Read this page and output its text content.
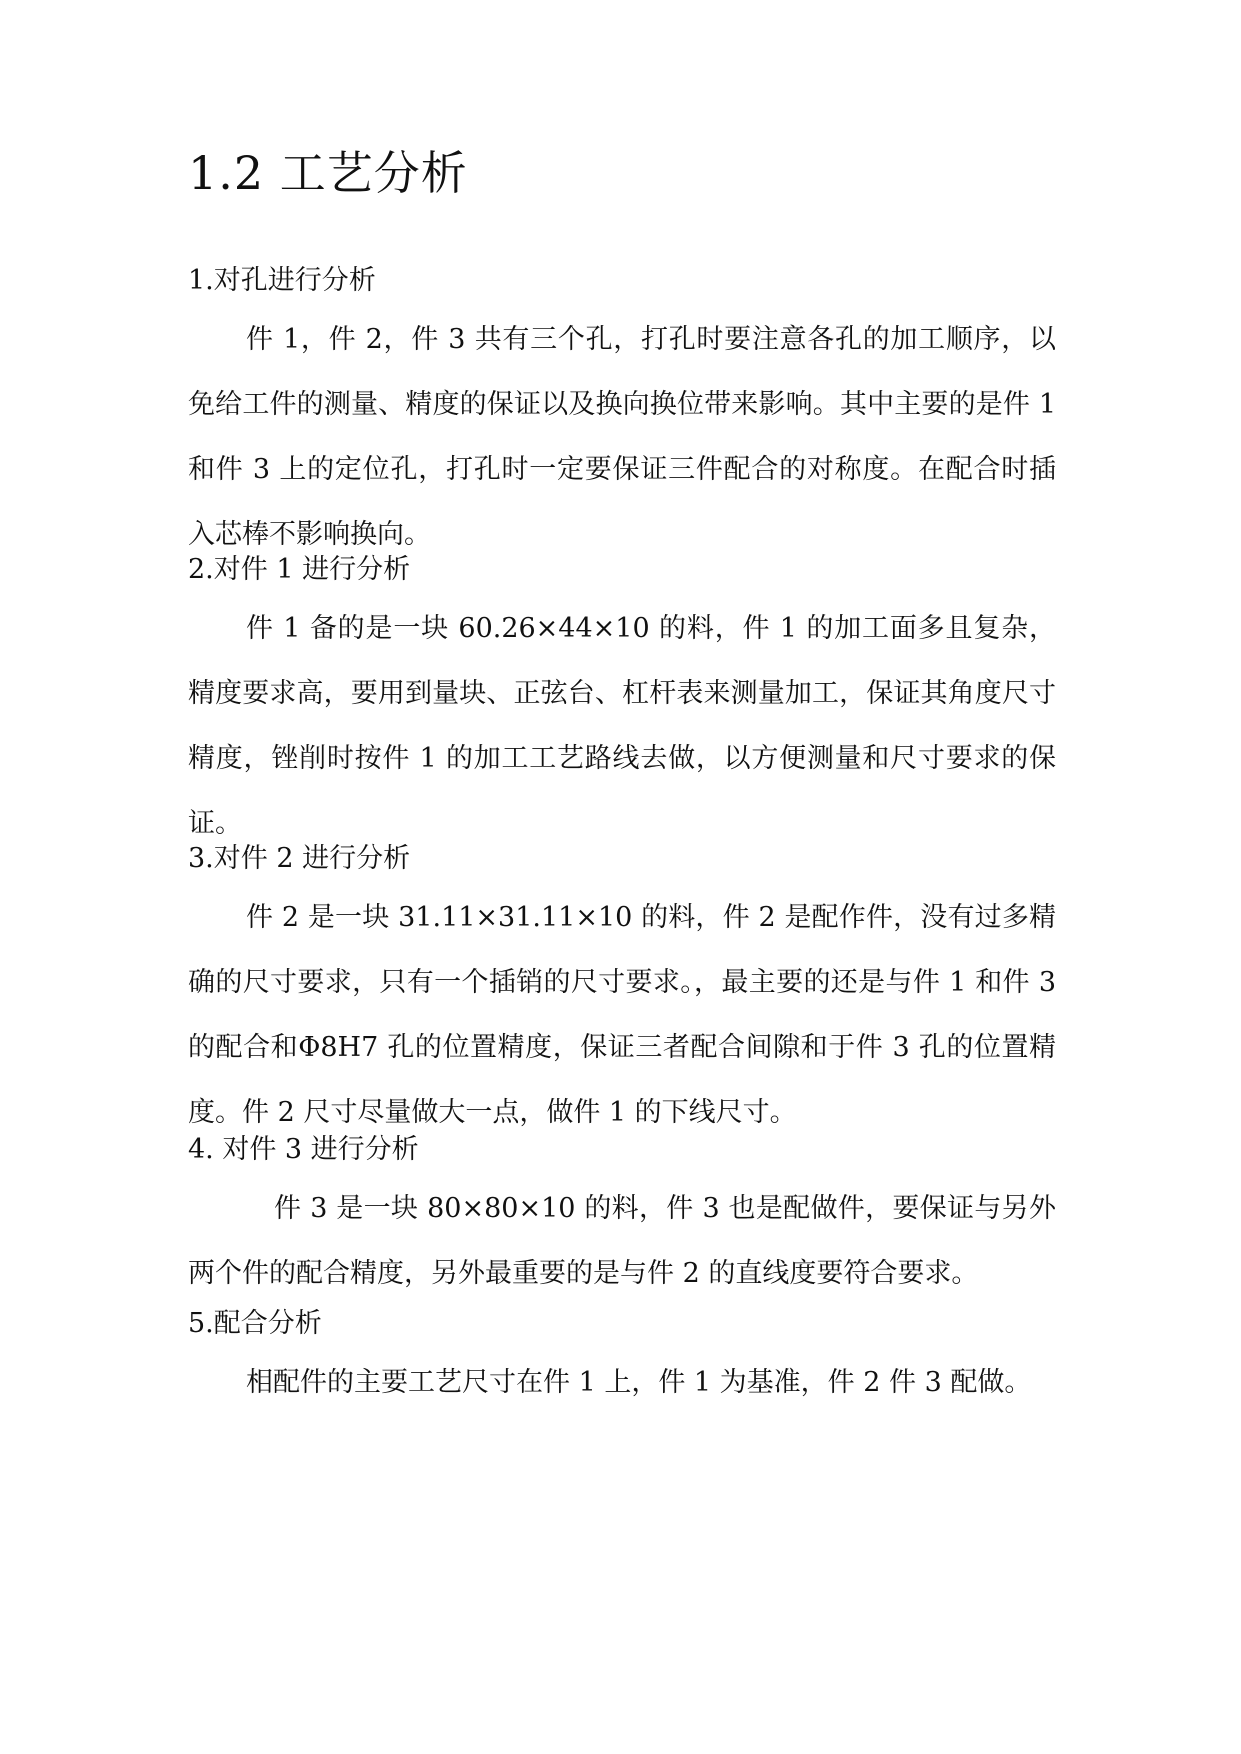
1.2 工艺分析
1.对孔进行分析

件 1，件 2，件 3 共有三个孔，打孔时要注意各孔的加工顺序，以免给工件的测量、精度的保证以及换向换位带来影响。其中主要的是件 1 和件 3 上的定位孔，打孔时一定要保证三件配合的对称度。在配合时插入芯棒不影响换向。

2.对件 1 进行分析

件 1 备的是一块 60.26×44×10 的料，件 1 的加工面多且复杂，精度要求高，要用到量块、正弦台、杠杆表来测量加工，保证其角度尺寸精度，锉削时按件 1 的加工工艺路线去做，以方便测量和尺寸要求的保证。

3.对件 2 进行分析

件 2 是一块 31.11×31.11×10 的料，件 2 是配作件，没有过多精确的尺寸要求，只有一个插销的尺寸要求。，最主要的还是与件 1 和件 3 的配合和Φ8H7 孔的位置精度，保证三者配合间隙和于件 3 孔的位置精度。件 2 尺寸尽量做大一点，做件 1 的下线尺寸。

4. 对件 3 进行分析

件 3 是一块 80×80×10 的料，件 3 也是配做件，要保证与另外两个件的配合精度，另外最重要的是与件 2 的直线度要符合要求。

5.配合分析

相配件的主要工艺尺寸在件 1 上，件 1 为基准，件 2 件 3 配做。
